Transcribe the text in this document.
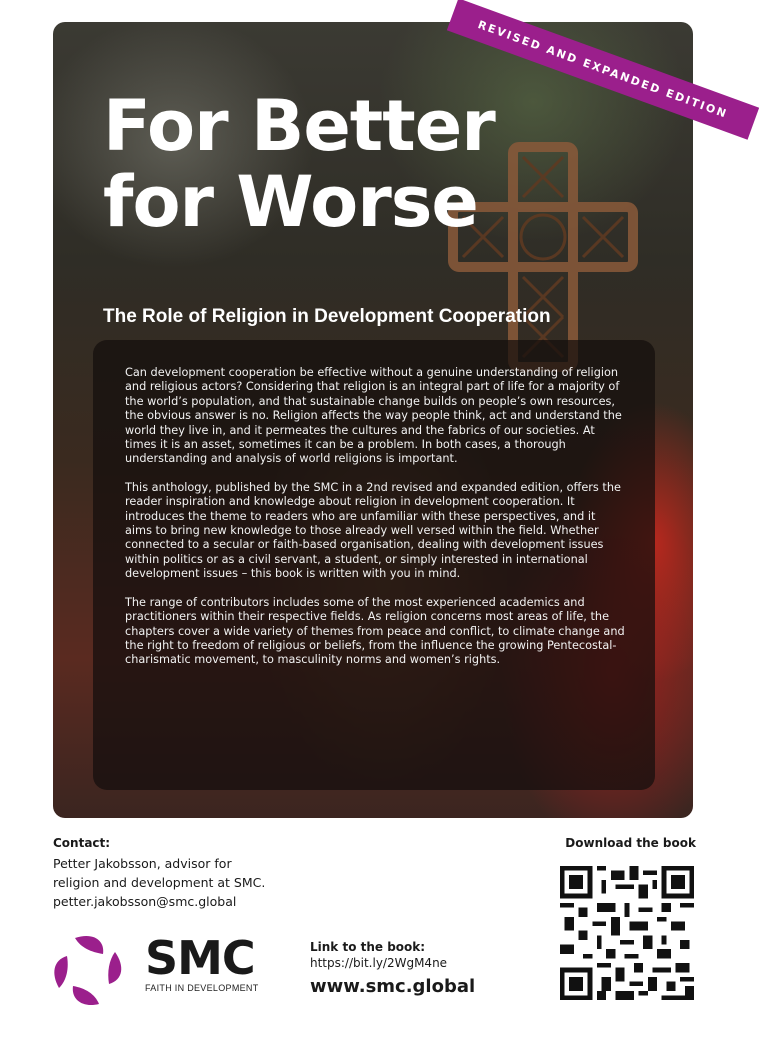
REVISED AND EXPANDED EDITION
For Better
for Worse
The Role of Religion in Development Cooperation

Can development cooperation be effective without a genuine understanding of religion and religious actors? Considering that religion is an integral part of life for a majority of the world’s population, and that sustainable change builds on people’s own resources, the obvious answer is no. Religion affects the way people think, act and understand the world they live in, and it permeates the cultures and the fabrics of our societies. At times it is an asset, sometimes it can be a problem. In both cases, a thorough understanding and analysis of world religions is important.

This anthology, published by the SMC in a 2nd revised and expanded edition, offers the reader inspiration and knowledge about religion in development cooperation. It introduces the theme to readers who are unfamiliar with these perspectives, and it aims to bring new knowledge to those already well versed within the field. Whether connected to a secular or faith-based organisation, dealing with development issues within politics or as a civil servant, a student, or simply interested in international development issues – this book is written with you in mind.

The range of contributors includes some of the most experienced academics and practitioners within their respective fields. As religion concerns most areas of life, the chapters cover a wide variety of themes from peace and conflict, to climate change and the right to freedom of religious or beliefs, from the influence the growing Pentecostal-charismatic movement, to masculinity norms and women’s rights.

Contact:
Petter Jakobsson, advisor for
religion and development at SMC.
petter.jakobsson@smc.global
Download the book
SMC
FAITH IN DEVELOPMENT
Link to the book:
https://bit.ly/2WgM4ne
www.smc.global
